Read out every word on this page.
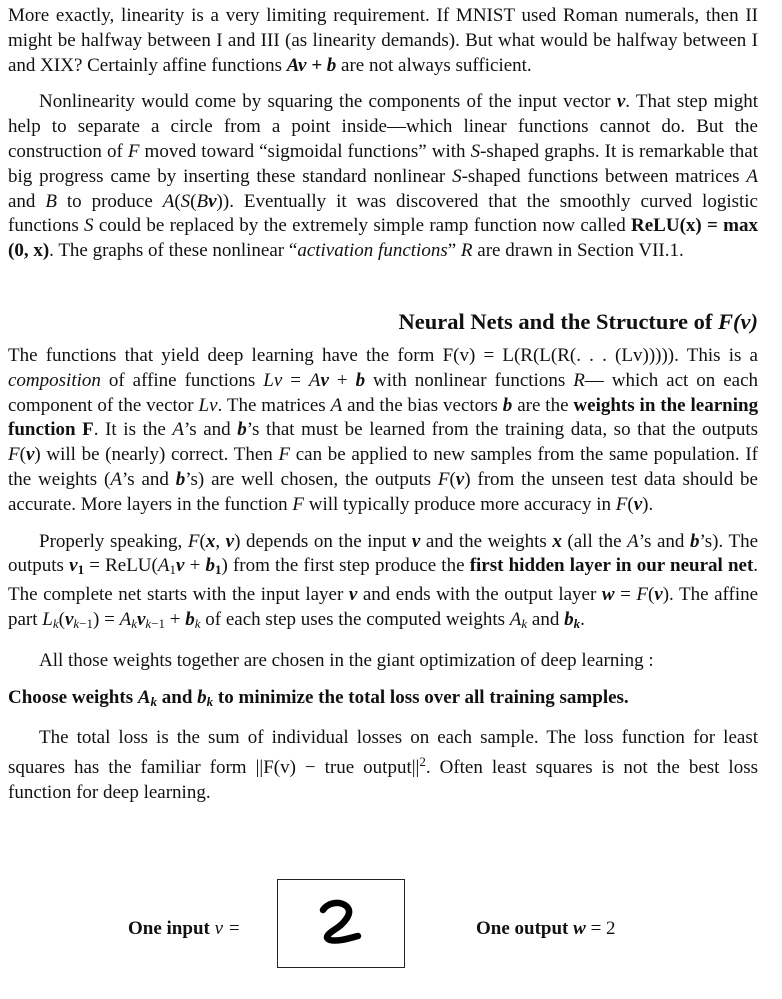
More exactly, linearity is a very limiting requirement. If MNIST used Roman numerals, then II might be halfway between I and III (as linearity demands). But what would be halfway between I and XIX? Certainly affine functions Av + b are not always sufficient.

Nonlinearity would come by squaring the components of the input vector v. That step might help to separate a circle from a point inside—which linear functions cannot do. But the construction of F moved toward “sigmoidal functions” with S-shaped graphs. It is remarkable that big progress came by inserting these standard nonlinear S-shaped functions between matrices A and B to produce A(S(Bv)). Eventually it was discovered that the smoothly curved logistic functions S could be replaced by the extremely simple ramp function now called ReLU(x) = max (0, x). The graphs of these nonlinear “activation functions” R are drawn in Section VII.1.

Neural Nets and the Structure of F(v)

The functions that yield deep learning have the form F(v) = L(R(L(R(. . . (Lv))))). This is a composition of affine functions Lv = Av + b with nonlinear functions R— which act on each component of the vector Lv. The matrices A and the bias vectors b are the weights in the learning function F. It is the A’s and b’s that must be learned from the training data, so that the outputs F(v) will be (nearly) correct. Then F can be applied to new samples from the same population. If the weights (A’s and b’s) are well chosen, the outputs F(v) from the unseen test data should be accurate. More layers in the function F will typically produce more accuracy in F(v).

Properly speaking, F(x, v) depends on the input v and the weights x (all the A’s and b’s). The outputs $v_1$ = $ReLU(A_1v + b_1)$ from the first step produce the first hidden layer in our neural net. The complete net starts with the input layer v and ends with the output layer w = F(v). The affine part $L_k(v_{k-1}) = A_kv_{k-1} + b_k$ of each step uses the computed weights $A_k$ and $b_k$.

All those weights together are chosen in the giant optimization of deep learning :

Choose weights $A_k$ and $b_k$ to minimize the total loss over all training samples.

The total loss is the sum of individual losses on each sample. The loss function for least squares has the familiar form ||F(v) − true $output||^2$. Often least squares is not the best loss function for deep learning.

One input v =	One output w = 2
